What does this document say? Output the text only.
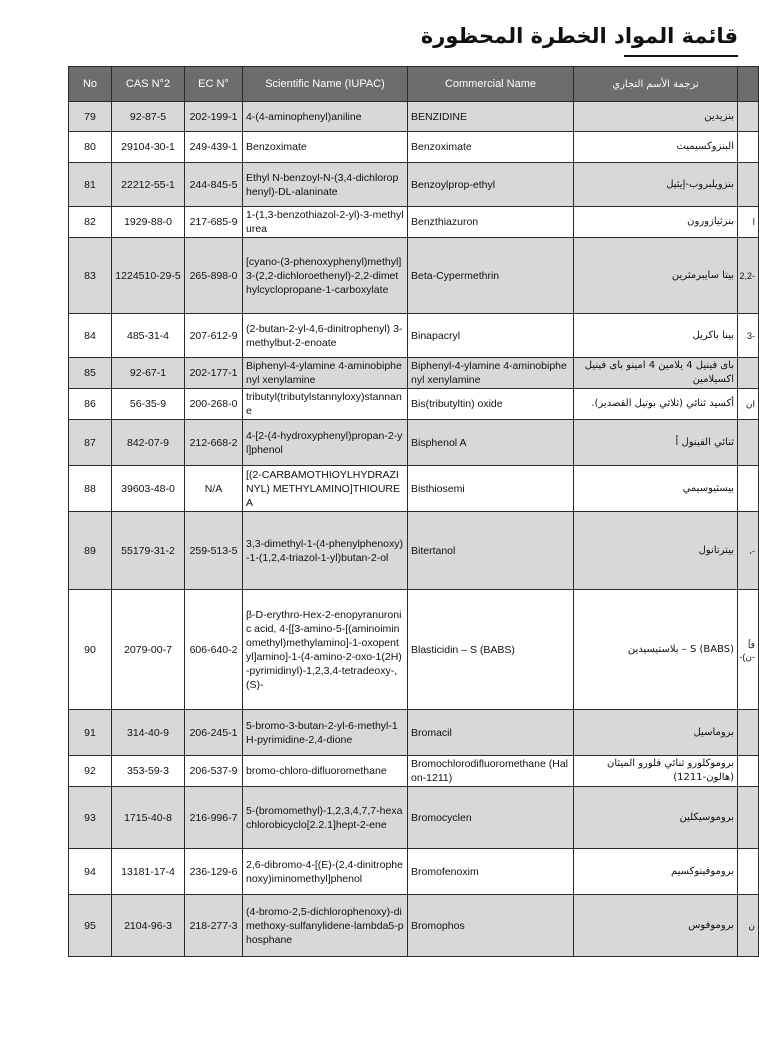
قائمة المواد الخطرة المحظورة
No	CAS N°2	EC N°	Scientific Name (IUPAC)	Commercial Name	ترجمة الأسم التجاري	
79	92-87-5	202-199-1	4-(4-aminophenyl)aniline	BENZIDINE	بنزيدين	
80	29104-30-1	249-439-1	Benzoximate	Benzoximate	البنزوكسيميت	
81	22212-55-1	244-845-5	Ethyl N-benzoyl-N-(3,4-dichlorophenyl)-DL-alaninate	Benzoylprop-ethyl	بنزويلبروب-إيثيل	
82	1929-88-0	217-685-9	1-(1,3-benzothiazol-2-yl)-3-methylurea	Benzthiazuron	بنزثيازورون	ا
83	1224510-29-5	265-898-0	[cyano-(3-phenoxyphenyl)methyl] 3-(2,2-dichloroethenyl)-2,2-dimethylcyclopropane-1-carboxylate	Beta-Cypermethrin	بيتا سايبرمثرين	-2,2
84	485-31-4	207-612-9	(2-butan-2-yl-4,6-dinitrophenyl) 3-methylbut-2-enoate	Binapacryl	بينا باكريل	-3
85	92-67-1	202-177-1	Biphenyl-4-ylamine 4-aminobiphenyl xenylamine	Biphenyl-4-ylamine 4-aminobiphenyl xenylamine	باى فينيل 4 يلامين 4 امينو باى فينيل اكسيلامين	
86	56-35-9	200-268-0	tributyl(tributylstannyloxy)stannane	Bis(tributyltin) oxide	أكسيد ثنائي (ثلاثي بوتيل القصدير).	ان
87	842-07-9	212-668-2	4-[2-(4-hydroxyphenyl)propan-2-yl]phenol	Bisphenol A	ثنائي الفينول أ	
88	39603-48-0	N/A	[(2-CARBAMOTHIOYLHYDRAZINYL) METHYLAMINO]THIOUREA	Bisthiosemi	بيسثيوسيمي	
89	55179-31-2	259-513-5	3,3-dimethyl-1-(4-phenylphenoxy)-1-(1,2,4-triazol-1-yl)butan-2-ol	Bitertanol	بيترتانول	-،
90	2079-00-7	606-640-2	β-D-erythro-Hex-2-enopyranuronic acid, 4-[[3-amino-5-[(aminoiminomethyl)methylamino]-1-oxopentyl]amino]-1-(4-amino-2-oxo-1(2H)-pyrimidinyl)-1,2,3,4-tetradeoxy-, (S)-	Blasticidin – S (BABS)	S (BABS) – بلاستيسيدين	و] -ن)-
91	314-40-9	206-245-1	5-bromo-3-butan-2-yl-6-methyl-1H-pyrimidine-2,4-dione	Bromacil	بروماسيل	
92	353-59-3	206-537-9	bromo-chloro-difluoromethane	Bromochlorodifluoromethane (Halon-1211)	بروموكلورو ثنائي فلورو الميثان (هالون-1211)	
93	1715-40-8	216-996-7	5-(bromomethyl)-1,2,3,4,7,7-hexachlorobicyclo[2.2.1]hept-2-ene	Bromocyclen	بروموسيكلين	
94	13181-17-4	236-129-6	2,6-dibromo-4-[(E)-(2,4-dinitrophenoxy)iminomethyl]phenol	Bromofenoxim	بروموفينوكسيم	
95	2104-96-3	218-277-3	(4-bromo-2,5-dichlorophenoxy)-dimethoxy-sulfanylidene-lambda5-phosphane	Bromophos	بروموفوس	ن
